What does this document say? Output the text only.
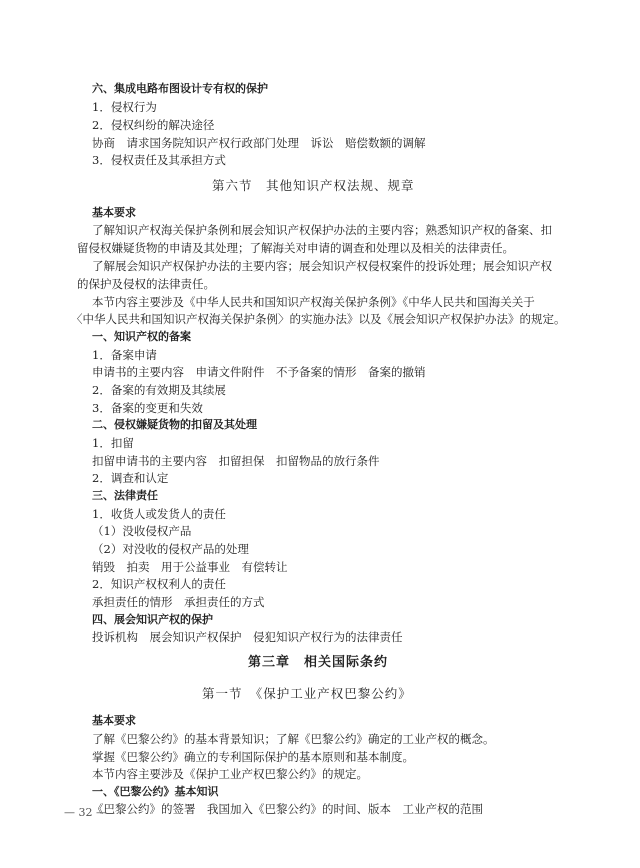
六、集成电路布图设计专有权的保护
1．侵权行为
2．侵权纠纷的解决途径
协商　请求国务院知识产权行政部门处理　诉讼　赔偿数额的调解
3．侵权责任及其承担方式
第六节　其他知识产权法规、规章
基本要求
了解知识产权海关保护条例和展会知识产权保护办法的主要内容；熟悉知识产权的备案、扣
留侵权嫌疑货物的申请及其处理；了解海关对申请的调查和处理以及相关的法律责任。
了解展会知识产权保护办法的主要内容；展会知识产权侵权案件的投诉处理；展会知识产权
的保护及侵权的法律责任。
本节内容主要涉及《中华人民共和国知识产权海关保护条例》《中华人民共和国海关关于
〈中华人民共和国知识产权海关保护条例〉的实施办法》以及《展会知识产权保护办法》的规定。
一、知识产权的备案
1．备案申请
申请书的主要内容　申请文件附件　不予备案的情形　备案的撤销
2．备案的有效期及其续展
3．备案的变更和失效
二、侵权嫌疑货物的扣留及其处理
1．扣留
扣留申请书的主要内容　扣留担保　扣留物品的放行条件
2．调查和认定
三、法律责任
1．收货人或发货人的责任
（1）没收侵权产品
（2）对没收的侵权产品的处理
销毁　拍卖　用于公益事业　有偿转让
2．知识产权权利人的责任
承担责任的情形　承担责任的方式
四、展会知识产权的保护
投诉机构　展会知识产权保护　侵犯知识产权行为的法律责任
第三章　相关国际条约
第一节　《保护工业产权巴黎公约》
基本要求
了解《巴黎公约》的基本背景知识；了解《巴黎公约》确定的工业产权的概念。
掌握《巴黎公约》确立的专利国际保护的基本原则和基本制度。
本节内容主要涉及《保护工业产权巴黎公约》的规定。
一、《巴黎公约》基本知识
《巴黎公约》的签署　我国加入《巴黎公约》的时间、版本　工业产权的范围
— 32 —
